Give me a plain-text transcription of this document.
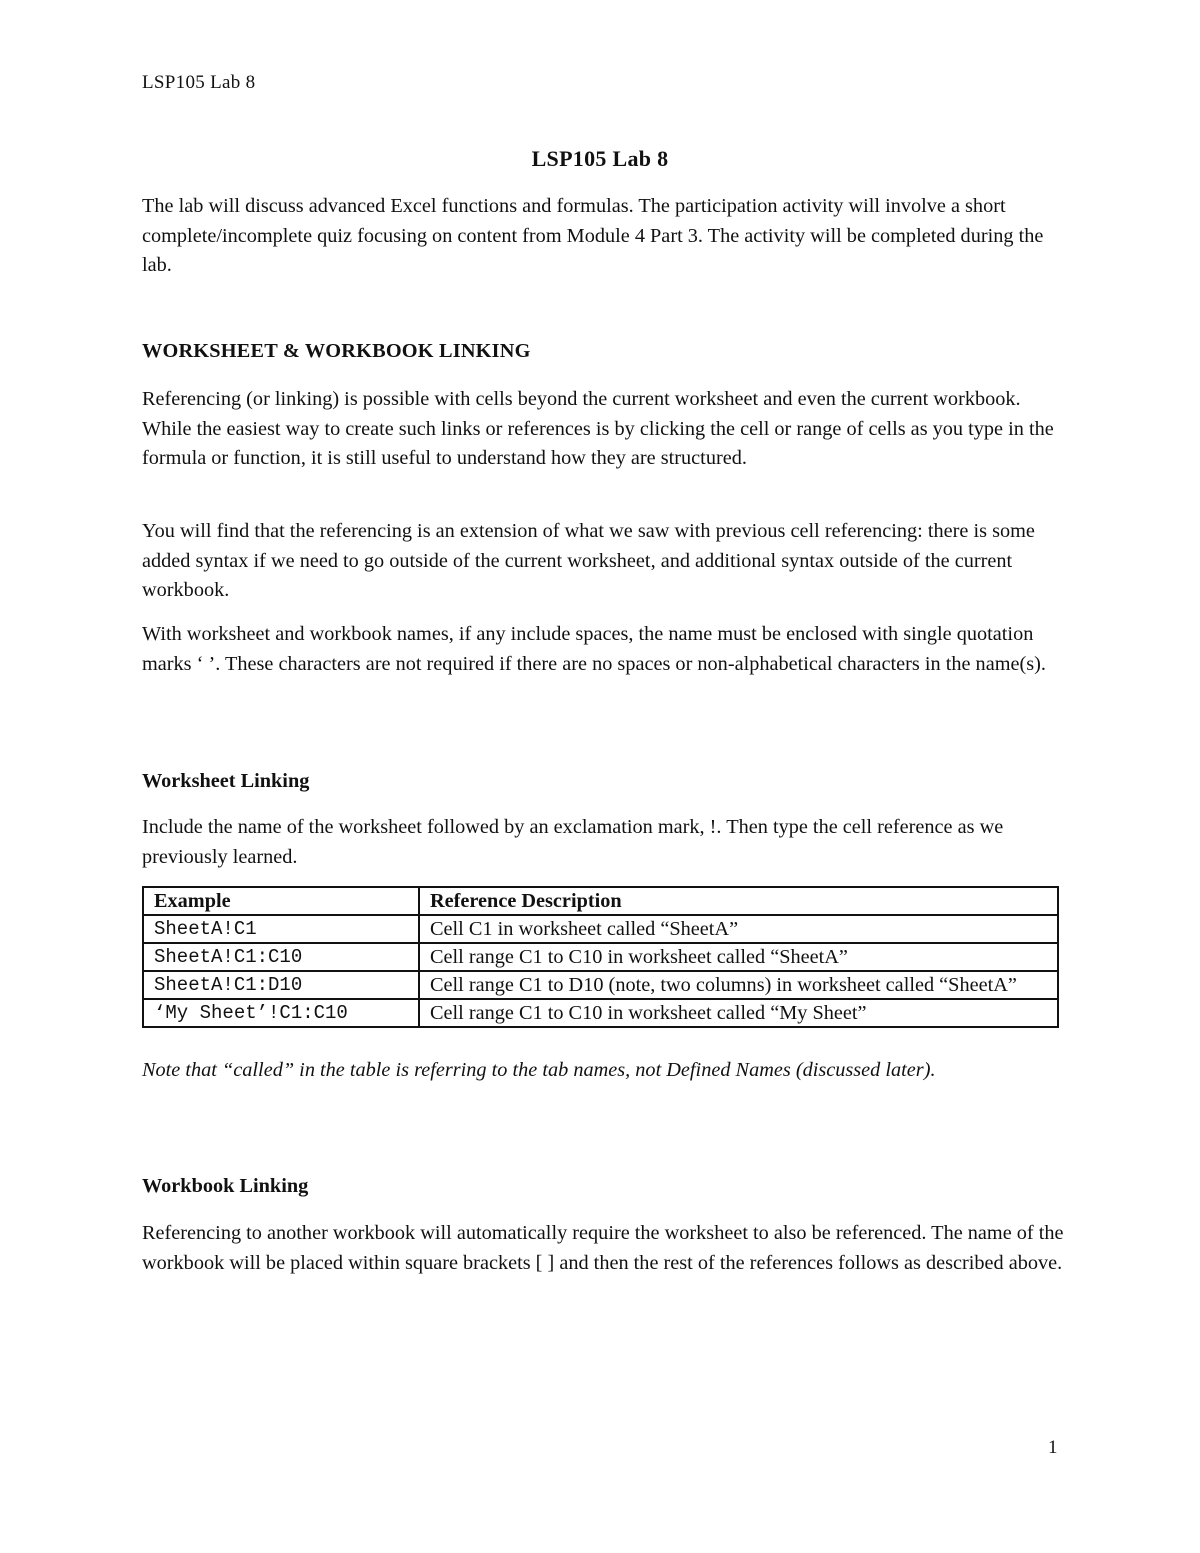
LSP105 Lab 8
LSP105 Lab 8

The lab will discuss advanced Excel functions and formulas. The participation activity will involve a short complete/incomplete quiz focusing on content from Module 4 Part 3. The activity will be completed during the lab.

WORKSHEET & WORKBOOK LINKING

Referencing (or linking) is possible with cells beyond the current worksheet and even the current workbook. While the easiest way to create such links or references is by clicking the cell or range of cells as you type in the formula or function, it is still useful to understand how they are structured.

You will find that the referencing is an extension of what we saw with previous cell referencing: there is some added syntax if we need to go outside of the current worksheet, and additional syntax outside of the current workbook.

With worksheet and workbook names, if any include spaces, the name must be enclosed with single quotation marks ‘ ’. These characters are not required if there are no spaces or non-alphabetical characters in the name(s).

Worksheet Linking

Include the name of the worksheet followed by an exclamation mark, !. Then type the cell reference as we previously learned.

Example	Reference Description
SheetA!C1	Cell C1 in worksheet called “SheetA”
SheetA!C1:C10	Cell range C1 to C10 in worksheet called “SheetA”
SheetA!C1:D10	Cell range C1 to D10 (note, two columns) in worksheet called “SheetA”
‘My Sheet’!C1:C10	Cell range C1 to C10 in worksheet called “My Sheet”

Note that “called” in the table is referring to the tab names, not Defined Names (discussed later).

Workbook Linking

Referencing to another workbook will automatically require the worksheet to also be referenced. The name of the workbook will be placed within square brackets [ ] and then the rest of the references follows as described above.

1
